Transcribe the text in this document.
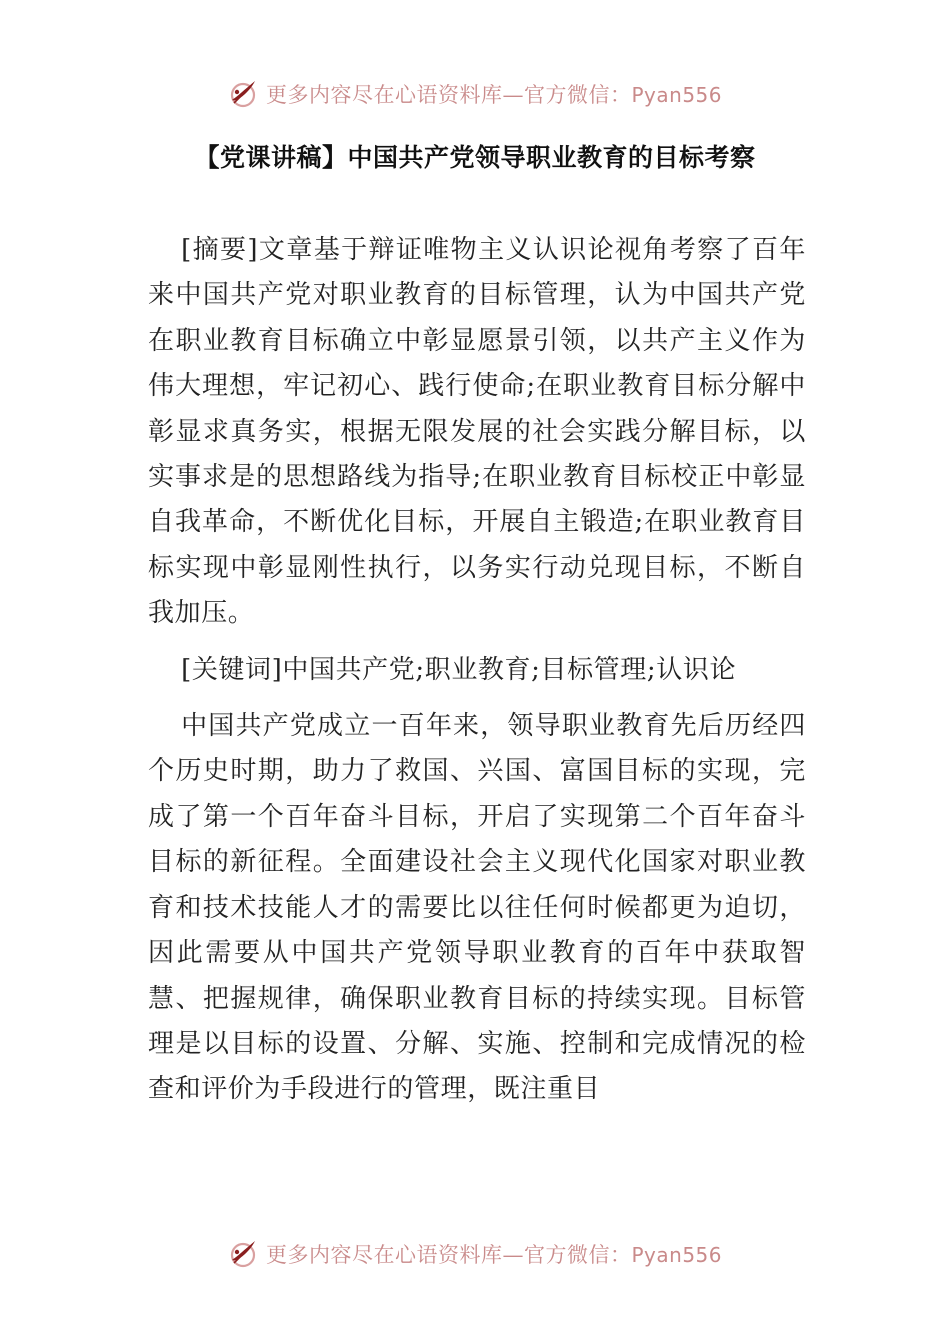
更多内容尽在心语资料库—官方微信：Pyan556
【党课讲稿】中国共产党领导职业教育的目标考察

[摘要]文章基于辩证唯物主义认识论视角考察了百年来中国共产党对职业教育的目标管理，认为中国共产党在职业教育目标确立中彰显愿景引领，以共产主义作为伟大理想，牢记初心、践行使命;在职业教育目标分解中彰显求真务实，根据无限发展的社会实践分解目标，以实事求是的思想路线为指导;在职业教育目标校正中彰显自我革命，不断优化目标，开展自主锻造;在职业教育目标实现中彰显刚性执行，以务实行动兑现目标，不断自我加压。

[关键词]中国共产党;职业教育;目标管理;认识论

中国共产党成立一百年来，领导职业教育先后历经四个历史时期，助力了救国、兴国、富国目标的实现，完成了第一个百年奋斗目标，开启了实现第二个百年奋斗目标的新征程。全面建设社会主义现代化国家对职业教育和技术技能人才的需要比以往任何时候都更为迫切，因此需要从中国共产党领导职业教育的百年中获取智慧、把握规律，确保职业教育目标的持续实现。目标管理是以目标的设置、分解、实施、控制和完成情况的检查和评价为手段进行的管理，既注重目

更多内容尽在心语资料库—官方微信：Pyan556
